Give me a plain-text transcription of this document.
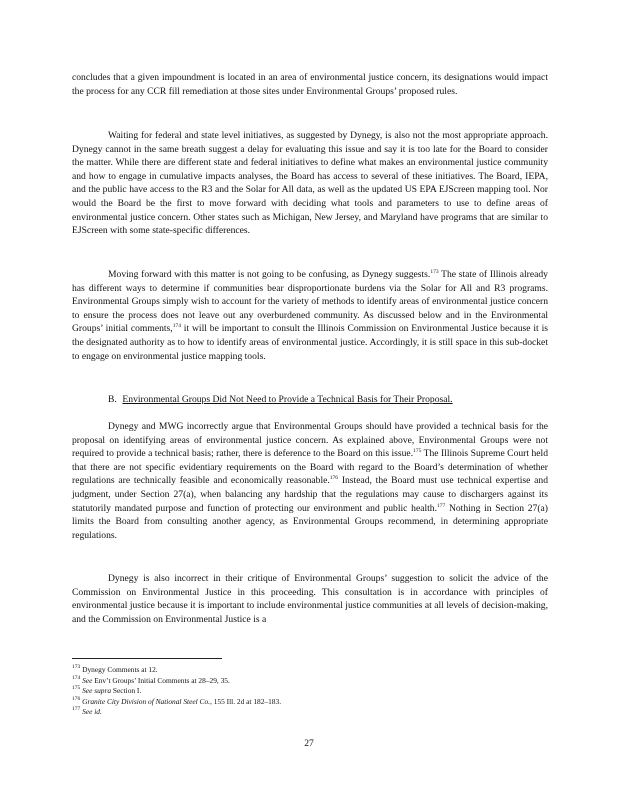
concludes that a given impoundment is located in an area of environmental justice concern, its designations would impact the process for any CCR fill remediation at those sites under Environmental Groups’ proposed rules.

Waiting for federal and state level initiatives, as suggested by Dynegy, is also not the most appropriate approach. Dynegy cannot in the same breath suggest a delay for evaluating this issue and say it is too late for the Board to consider the matter. While there are different state and federal initiatives to define what makes an environmental justice community and how to engage in cumulative impacts analyses, the Board has access to several of these initiatives. The Board, IEPA, and the public have access to the R3 and the Solar for All data, as well as the updated US EPA EJScreen mapping tool. Nor would the Board be the first to move forward with deciding what tools and parameters to use to define areas of environmental justice concern. Other states such as Michigan, New Jersey, and Maryland have programs that are similar to EJScreen with some state-specific differences.

Moving forward with this matter is not going to be confusing, as Dynegy suggests.$^{173}$ The state of Illinois already has different ways to determine if communities bear disproportionate burdens via the Solar for All and R3 programs. Environmental Groups simply wish to account for the variety of methods to identify areas of environmental justice concern to ensure the process does not leave out any overburdened community. As discussed below and in the Environmental Groups’ initial comments,$^{174}$ it will be important to consult the Illinois Commission on Environmental Justice because it is the designated authority as to how to identify areas of environmental justice. Accordingly, it is still space in this sub-docket to engage on environmental justice mapping tools.

B. Environmental Groups Did Not Need to Provide a Technical Basis for Their Proposal.

Dynegy and MWG incorrectly argue that Environmental Groups should have provided a technical basis for the proposal on identifying areas of environmental justice concern. As explained above, Environmental Groups were not required to provide a technical basis; rather, there is deference to the Board on this issue.$^{175}$ The Illinois Supreme Court held that there are not specific evidentiary requirements on the Board with regard to the Board’s determination of whether regulations are technically feasible and economically reasonable.$^{176}$ Instead, the Board must use technical expertise and judgment, under Section 27(a), when balancing any hardship that the regulations may cause to dischargers against its statutorily mandated purpose and function of protecting our environment and public health.$^{177}$ Nothing in Section 27(a) limits the Board from consulting another agency, as Environmental Groups recommend, in determining appropriate regulations.

Dynegy is also incorrect in their critique of Environmental Groups’ suggestion to solicit the advice of the Commission on Environmental Justice in this proceeding. This consultation is in accordance with principles of environmental justice because it is important to include environmental justice communities at all levels of decision-making, and the Commission on Environmental Justice is a

$^{173}$ Dynegy Comments at 12.
$^{174}$ See Env’t Groups’ Initial Comments at 28–29, 35.
$^{175}$ See supra Section I.
$^{176}$ Granite City Division of National Steel Co., 155 Ill. 2d at 182–183.
$^{177}$ See id.
27
